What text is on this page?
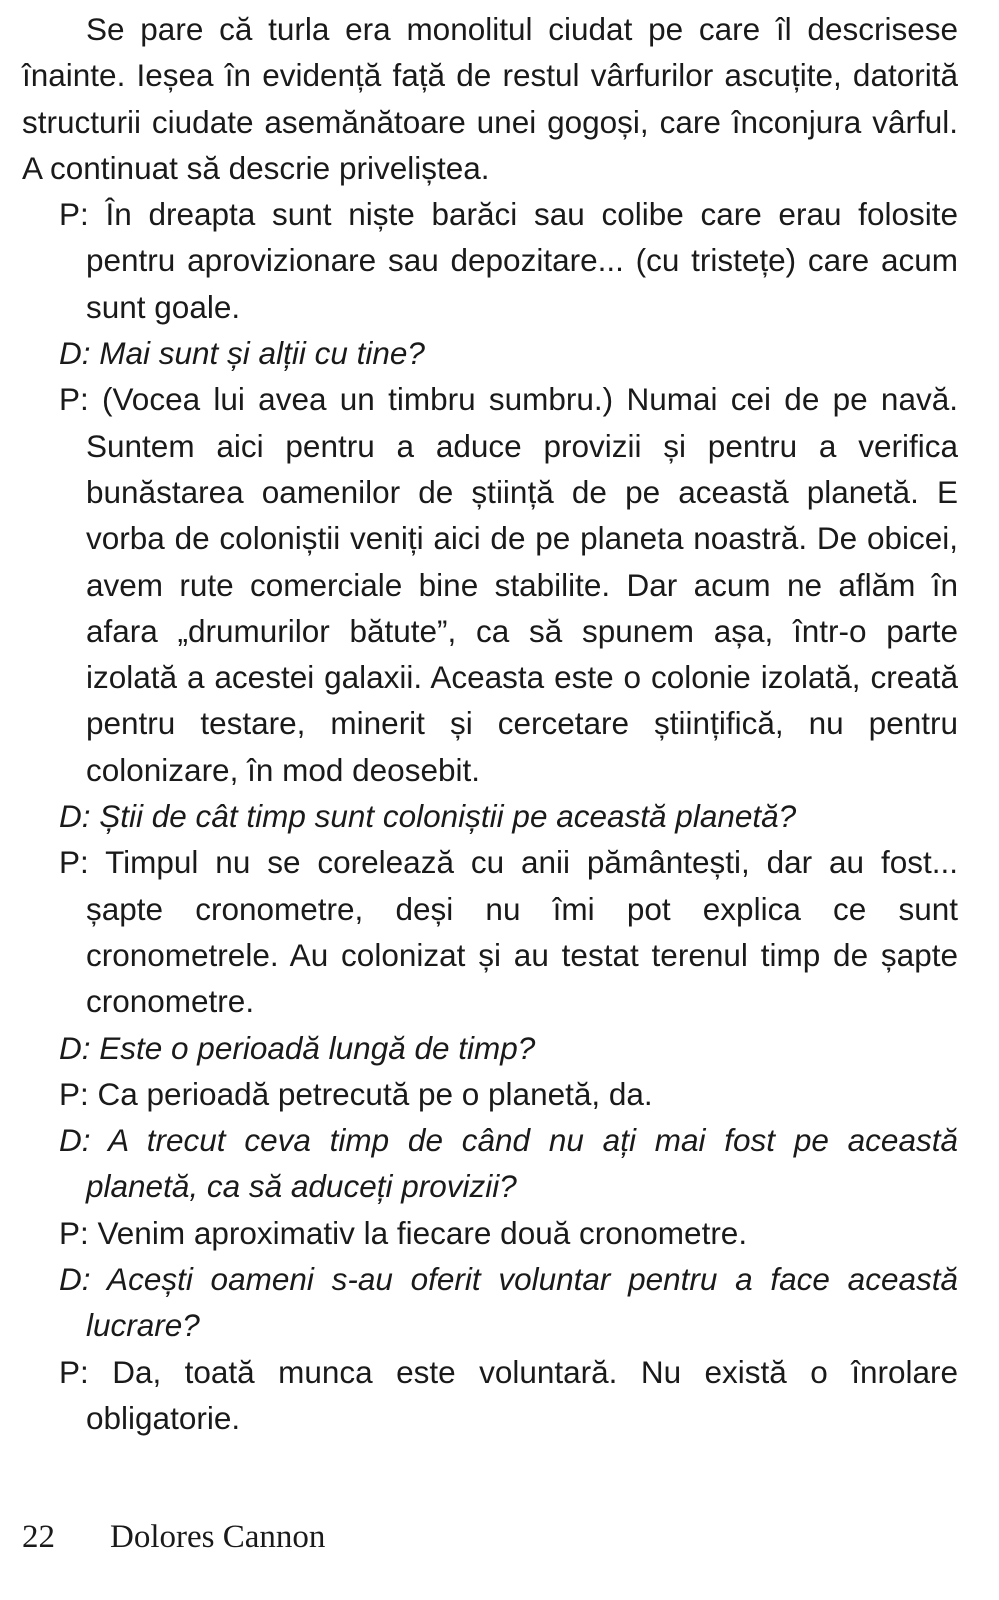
Se pare că turla era monolitul ciudat pe care îl descrisese înainte. Ieșea în evidență față de restul vârfurilor ascuțite, datorită structurii ciudate asemănătoare unei gogoși, care înconjura vârful. A continuat să descrie priveliștea.

P: În dreapta sunt niște barăci sau colibe care erau folosite pentru aprovizionare sau depozitare... (cu tristețe) care acum sunt goale.

D: Mai sunt și alții cu tine?

P: (Vocea lui avea un timbru sumbru.) Numai cei de pe navă. Suntem aici pentru a aduce provizii și pentru a verifica bunăstarea oamenilor de știință de pe această planetă. E vorba de coloniștii veniți aici de pe planeta noastră. De obicei, avem rute comerciale bine stabilite. Dar acum ne aflăm în afara „drumurilor bătute”, ca să spunem așa, într-o parte izolată a acestei galaxii. Aceasta este o colonie izolată, creată pentru testare, minerit și cercetare științifică, nu pentru colonizare, în mod deosebit.

D: Știi de cât timp sunt coloniștii pe această planetă?

P: Timpul nu se corelează cu anii pământești, dar au fost... șapte cronometre, deși nu îmi pot explica ce sunt cronometrele. Au colonizat și au testat terenul timp de șapte cronometre.

D: Este o perioadă lungă de timp?

P: Ca perioadă petrecută pe o planetă, da.

D: A trecut ceva timp de când nu ați mai fost pe această planetă, ca să aduceți provizii?

P: Venim aproximativ la fiecare două cronometre.

D: Acești oameni s-au oferit voluntar pentru a face această lucrare?

P: Da, toată munca este voluntară. Nu există o înrolare obligatorie.

22 Dolores Cannon
